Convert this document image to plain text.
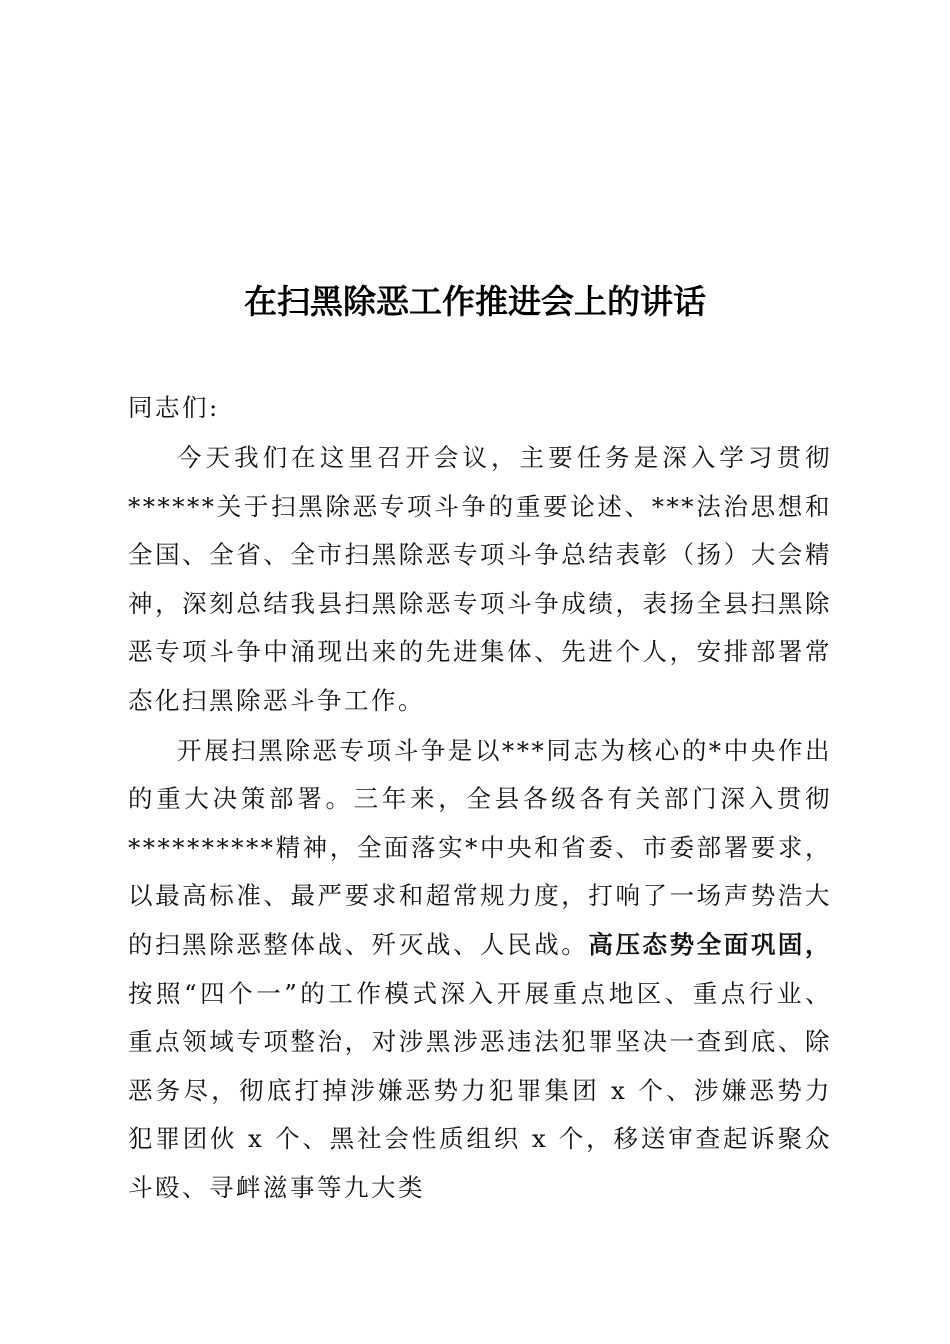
在扫黑除恶工作推进会上的讲话

同志们:

今天我们在这里召开会议，主要任务是深入学习贯彻******关于扫黑除恶专项斗争的重要论述、***法治思想和全国、全省、全市扫黑除恶专项斗争总结表彰（扬）大会精神，深刻总结我县扫黑除恶专项斗争成绩，表扬全县扫黑除恶专项斗争中涌现出来的先进集体、先进个人，安排部署常态化扫黑除恶斗争工作。

开展扫黑除恶专项斗争是以***同志为核心的*中央作出的重大决策部署。三年来，全县各级各有关部门深入贯彻**********精神，全面落实*中央和省委、市委部署要求，以最高标准、最严要求和超常规力度，打响了一场声势浩大的扫黑除恶整体战、歼灭战、人民战。高压态势全面巩固，按照“四个一”的工作模式深入开展重点地区、重点行业、重点领域专项整治，对涉黑涉恶违法犯罪坚决一查到底、除恶务尽，彻底打掉涉嫌恶势力犯罪集团 x 个、涉嫌恶势力犯罪团伙 x 个、黑社会性质组织 x 个，移送审查起诉聚众斗殴、寻衅滋事等九大类
